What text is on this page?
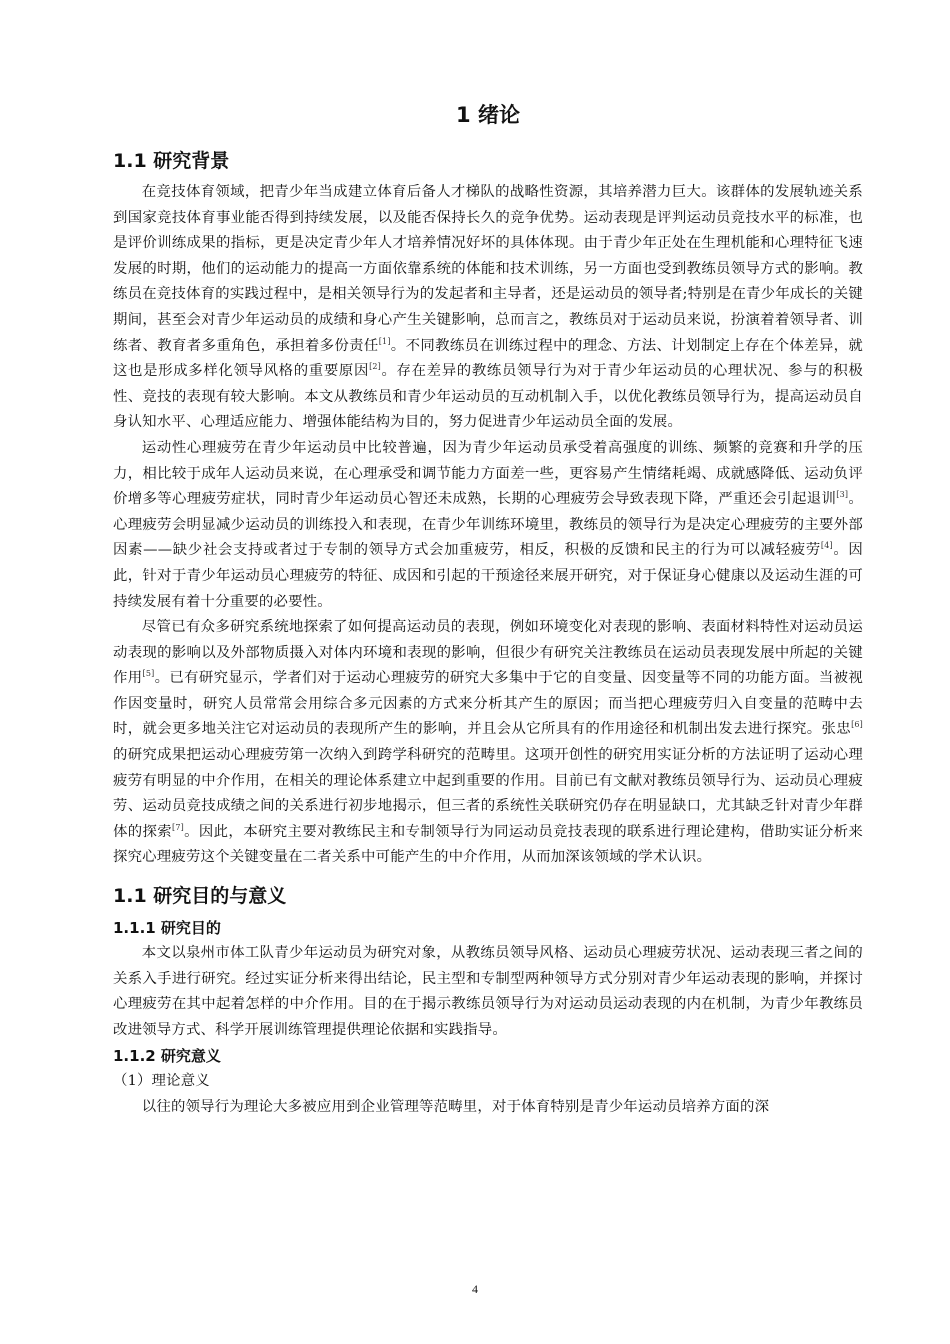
1 绪论
1.1 研究背景

在竞技体育领域，把青少年当成建立体育后备人才梯队的战略性资源，其培养潜力巨大。该群体的发展轨迹关系到国家竞技体育事业能否得到持续发展，以及能否保持长久的竞争优势。运动表现是评判运动员竞技水平的标准，也是评价训练成果的指标，更是决定青少年人才培养情况好坏的具体体现。由于青少年正处在生理机能和心理特征飞速发展的时期，他们的运动能力的提高一方面依靠系统的体能和技术训练，另一方面也受到教练员领导方式的影响。教练员在竞技体育的实践过程中，是相关领导行为的发起者和主导者，还是运动员的领导者;特别是在青少年成长的关键期间，甚至会对青少年运动员的成绩和身心产生关键影响，总而言之，教练员对于运动员来说，扮演着着领导者、训练者、教育者多重角色，承担着多份责任[1]。不同教练员在训练过程中的理念、方法、计划制定上存在个体差异，就这也是形成多样化领导风格的重要原因[2]。存在差异的教练员领导行为对于青少年运动员的心理状况、参与的积极性、竞技的表现有较大影响。本文从教练员和青少年运动员的互动机制入手，以优化教练员领导行为，提高运动员自身认知水平、心理适应能力、增强体能结构为目的，努力促进青少年运动员全面的发展。

运动性心理疲劳在青少年运动员中比较普遍，因为青少年运动员承受着高强度的训练、频繁的竞赛和升学的压力，相比较于成年人运动员来说，在心理承受和调节能力方面差一些，更容易产生情绪耗竭、成就感降低、运动负评价增多等心理疲劳症状，同时青少年运动员心智还未成熟，长期的心理疲劳会导致表现下降，严重还会引起退训[3]。心理疲劳会明显减少运动员的训练投入和表现，在青少年训练环境里，教练员的领导行为是决定心理疲劳的主要外部因素——缺少社会支持或者过于专制的领导方式会加重疲劳，相反，积极的反馈和民主的行为可以减轻疲劳[4]。因此，针对于青少年运动员心理疲劳的特征、成因和引起的干预途径来展开研究，对于保证身心健康以及运动生涯的可持续发展有着十分重要的必要性。

尽管已有众多研究系统地探索了如何提高运动员的表现，例如环境变化对表现的影响、表面材料特性对运动员运动表现的影响以及外部物质摄入对体内环境和表现的影响，但很少有研究关注教练员在运动员表现发展中所起的关键作用[5]。已有研究显示，学者们对于运动心理疲劳的研究大多集中于它的自变量、因变量等不同的功能方面。当被视作因变量时，研究人员常常会用综合多元因素的方式来分析其产生的原因；而当把心理疲劳归入自变量的范畴中去时，就会更多地关注它对运动员的表现所产生的影响，并且会从它所具有的作用途径和机制出发去进行探究。张忠[6]的研究成果把运动心理疲劳第一次纳入到跨学科研究的范畴里。这项开创性的研究用实证分析的方法证明了运动心理疲劳有明显的中介作用，在相关的理论体系建立中起到重要的作用。目前已有文献对教练员领导行为、运动员心理疲劳、运动员竞技成绩之间的关系进行初步地揭示，但三者的系统性关联研究仍存在明显缺口，尤其缺乏针对青少年群体的探索[7]。因此，本研究主要对教练民主和专制领导行为同运动员竞技表现的联系进行理论建构，借助实证分析来探究心理疲劳这个关键变量在二者关系中可能产生的中介作用，从而加深该领域的学术认识。

1.1 研究目的与意义
1.1.1 研究目的

本文以泉州市体工队青少年运动员为研究对象，从教练员领导风格、运动员心理疲劳状况、运动表现三者之间的关系入手进行研究。经过实证分析来得出结论，民主型和专制型两种领导方式分别对青少年运动表现的影响，并探讨心理疲劳在其中起着怎样的中介作用。目的在于揭示教练员领导行为对运动员运动表现的内在机制，为青少年教练员改进领导方式、科学开展训练管理提供理论依据和实践指导。

1.1.2 研究意义

（1）理论意义

以往的领导行为理论大多被应用到企业管理等范畴里，对于体育特别是青少年运动员培养方面的深

4
